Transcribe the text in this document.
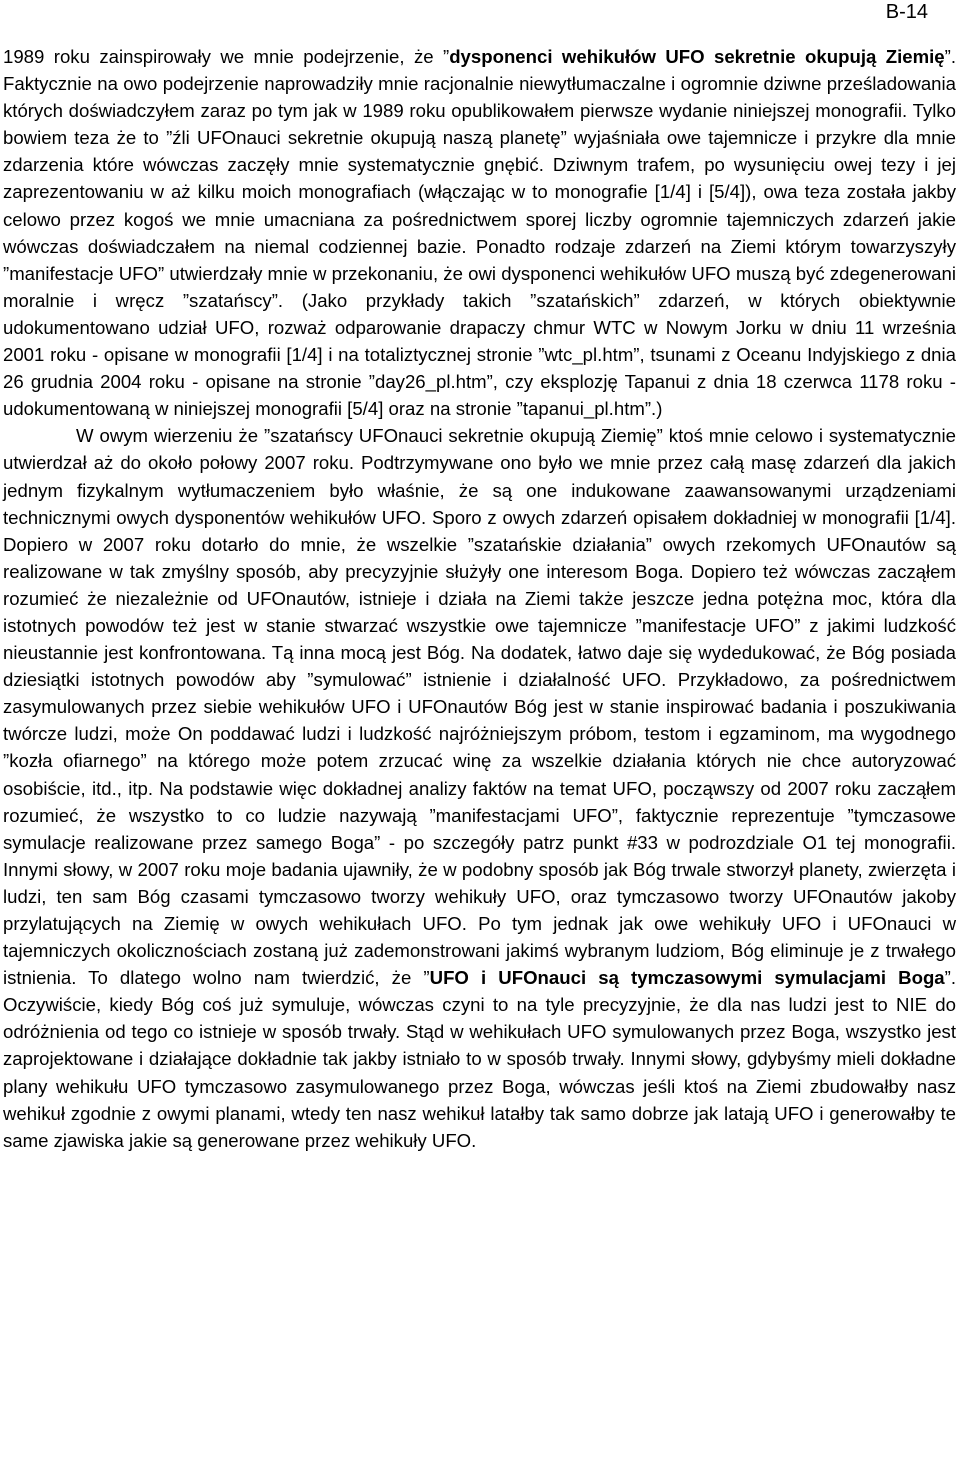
B-14

1989 roku zainspirowały we mnie podejrzenie, że ”dysponenci wehikułów UFO sekretnie okupują Ziemię”. Faktycznie na owo podejrzenie naprowadziły mnie racjonalnie niewytłumaczalne i ogromnie dziwne prześladowania których doświadczyłem zaraz po tym jak w 1989 roku opublikowałem pierwsze wydanie niniejszej monografii. Tylko bowiem teza że to ”źli UFOnauci sekretnie okupują naszą planetę” wyjaśniała owe tajemnicze i przykre dla mnie zdarzenia które wówczas zaczęły mnie systematycznie gnębić. Dziwnym trafem, po wysunięciu owej tezy i jej zaprezentowaniu w aż kilku moich monografiach (włączając w to monografie [1/4] i [5/4]), owa teza została jakby celowo przez kogoś we mnie umacniana za pośrednictwem sporej liczby ogromnie tajemniczych zdarzeń jakie wówczas doświadczałem na niemal codziennej bazie. Ponadto rodzaje zdarzeń na Ziemi którym towarzyszyły ”manifestacje UFO” utwierdzały mnie w przekonaniu, że owi dysponenci wehikułów UFO muszą być zdegenerowani moralnie i wręcz ”szatańscy”. (Jako przykłady takich ”szatańskich” zdarzeń, w których obiektywnie udokumentowano udział UFO, rozważ odparowanie drapaczy chmur WTC w Nowym Jorku w dniu 11 września 2001 roku - opisane w monografii [1/4] i na totaliztycznej stronie ”wtc_pl.htm”, tsunami z Oceanu Indyjskiego z dnia 26 grudnia 2004 roku - opisane na stronie ”day26_pl.htm”, czy eksplozję Tapanui z dnia 18 czerwca 1178 roku - udokumentowaną w niniejszej monografii [5/4] oraz na stronie ”tapanui_pl.htm”.)

W owym wierzeniu że ”szatańscy UFOnauci sekretnie okupują Ziemię” ktoś mnie celowo i systematycznie utwierdzał aż do około połowy 2007 roku. Podtrzymywane ono było we mnie przez całą masę zdarzeń dla jakich jednym fizykalnym wytłumaczeniem było właśnie, że są one indukowane zaawansowanymi urządzeniami technicznymi owych dysponentów wehikułów UFO. Sporo z owych zdarzeń opisałem dokładniej w monografii [1/4]. Dopiero w 2007 roku dotarło do mnie, że wszelkie ”szatańskie działania” owych rzekomych UFOnautów są realizowane w tak zmyślny sposób, aby precyzyjnie służyły one interesom Boga. Dopiero też wówczas zacząłem rozumieć że niezależnie od UFOnautów, istnieje i działa na Ziemi także jeszcze jedna potężna moc, która dla istotnych powodów też jest w stanie stwarzać wszystkie owe tajemnicze ”manifestacje UFO” z jakimi ludzkość nieustannie jest konfrontowana. Tą inna mocą jest Bóg. Na dodatek, łatwo daje się wydedukować, że Bóg posiada dziesiątki istotnych powodów aby ”symulować” istnienie i działalność UFO. Przykładowo, za pośrednictwem zasymulowanych przez siebie wehikułów UFO i UFOnautów Bóg jest w stanie inspirować badania i poszukiwania twórcze ludzi, może On poddawać ludzi i ludzkość najróżniejszym próbom, testom i egzaminom, ma wygodnego ”kozła ofiarnego” na którego może potem zrzucać winę za wszelkie działania których nie chce autoryzować osobiście, itd., itp. Na podstawie więc dokładnej analizy faktów na temat UFO, począwszy od 2007 roku zacząłem rozumieć, że wszystko to co ludzie nazywają ”manifestacjami UFO”, faktycznie reprezentuje ”tymczasowe symulacje realizowane przez samego Boga” - po szczegóły patrz punkt #33 w podrozdziale O1 tej monografii. Innymi słowy, w 2007 roku moje badania ujawniły, że w podobny sposób jak Bóg trwale stworzył planety, zwierzęta i ludzi, ten sam Bóg czasami tymczasowo tworzy wehikuły UFO, oraz tymczasowo tworzy UFOnautów jakoby przylatujących na Ziemię w owych wehikułach UFO. Po tym jednak jak owe wehikuły UFO i UFOnauci w tajemniczych okolicznościach zostaną już zademonstrowani jakimś wybranym ludziom, Bóg eliminuje je z trwałego istnienia. To dlatego wolno nam twierdzić, że ”UFO i UFOnauci są tymczasowymi symulacjami Boga”. Oczywiście, kiedy Bóg coś już symuluje, wówczas czyni to na tyle precyzyjnie, że dla nas ludzi jest to NIE do odróżnienia od tego co istnieje w sposób trwały. Stąd w wehikułach UFO symulowanych przez Boga, wszystko jest zaprojektowane i działające dokładnie tak jakby istniało to w sposób trwały. Innymi słowy, gdybyśmy mieli dokładne plany wehikułu UFO tymczasowo zasymulowanego przez Boga, wówczas jeśli ktoś na Ziemi zbudowałby nasz wehikuł zgodnie z owymi planami, wtedy ten nasz wehikuł latałby tak samo dobrze jak latają UFO i generowałby te same zjawiska jakie są generowane przez wehikuły UFO.
